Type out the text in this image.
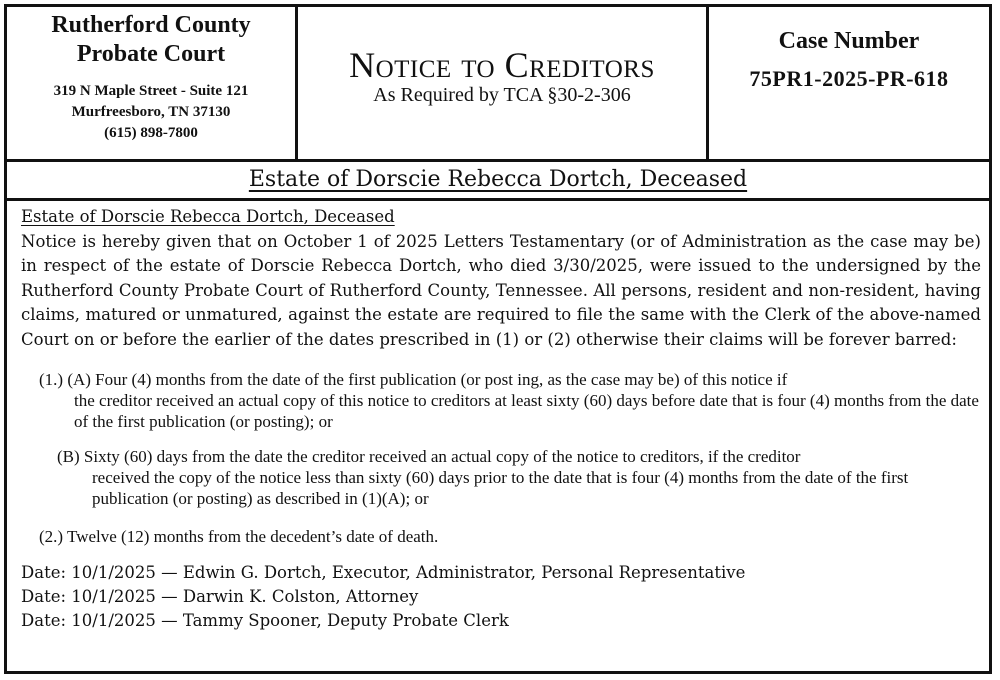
Rutherford County
Probate Court
319 N Maple Street - Suite 121
Murfreesboro, TN 37130
(615) 898-7800
Notice to Creditors
As Required by TCA §30-2-306
Case Number
75PR1-2025-PR-618
Estate of Dorscie Rebecca Dortch, Deceased
Estate of Dorscie Rebecca Dortch, Deceased

Notice is hereby given that on October 1 of 2025 Letters Testamentary (or of Administration as the case may be) in respect of the estate of Dorscie Rebecca Dortch, who died 3/30/2025, were issued to the undersigned by the Rutherford County Probate Court of Rutherford County, Tennessee. All persons, resident and non-resident, having claims, matured or unmatured, against the estate are required to file the same with the Clerk of the above-named Court on or before the earlier of the dates prescribed in (1) or (2) otherwise their claims will be forever barred:

(1.) (A) Four (4) months from the date of the first publication (or post ing, as the case may be) of this notice if
the creditor received an actual copy of this notice to creditors at least sixty (60) days before date that is four (4) months from the date of the first publication (or posting); or
(B) Sixty (60) days from the date the creditor received an actual copy of the notice to creditors, if the creditor
received the copy of the notice less than sixty (60) days prior to the date that is four (4) months from the date of the first publication (or posting) as described in (1)(A); or
(2.) Twelve (12) months from the decedent’s date of death.
Date: 10/1/2025 — Edwin G. Dortch, Executor, Administrator, Personal Representative
Date: 10/1/2025 — Darwin K. Colston, Attorney
Date: 10/1/2025 — Tammy Spooner, Deputy Probate Clerk
